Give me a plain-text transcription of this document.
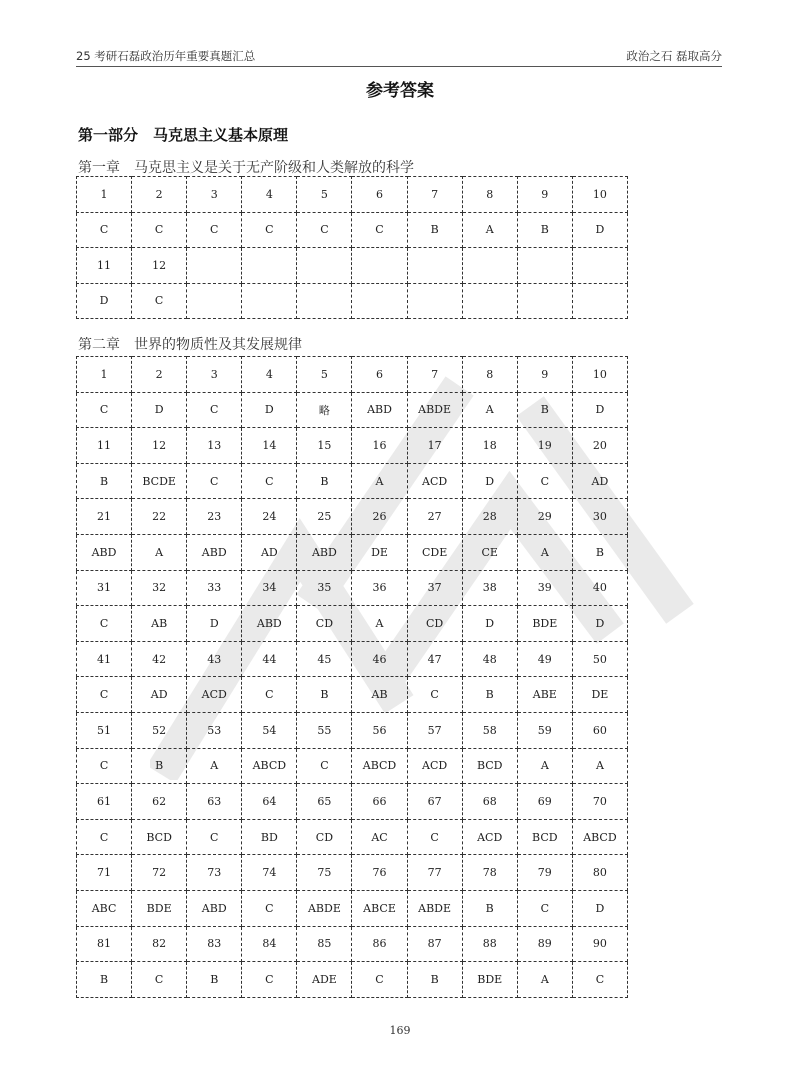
25 考研石磊政治历年重要真题汇总	政治之石 磊取高分
参考答案
第一部分　马克思主义基本原理
第一章　马克思主义是关于无产阶级和人类解放的科学
1	2	3	4	5	6	7	8	9	10
C	C	C	C	C	C	B	A	B	D
11	12								
D	C								
第二章　世界的物质性及其发展规律
1	2	3	4	5	6	7	8	9	10
C	D	C	D	略	ABD	ABDE	A	B	D
11	12	13	14	15	16	17	18	19	20
B	BCDE	C	C	B	A	ACD	D	C	AD
21	22	23	24	25	26	27	28	29	30
ABD	A	ABD	AD	ABD	DE	CDE	CE	A	B
31	32	33	34	35	36	37	38	39	40
C	AB	D	ABD	CD	A	CD	D	BDE	D
41	42	43	44	45	46	47	48	49	50
C	AD	ACD	C	B	AB	C	B	ABE	DE
51	52	53	54	55	56	57	58	59	60
C	B	A	ABCD	C	ABCD	ACD	BCD	A	A
61	62	63	64	65	66	67	68	69	70
C	BCD	C	BD	CD	AC	C	ACD	BCD	ABCD
71	72	73	74	75	76	77	78	79	80
ABC	BDE	ABD	C	ABDE	ABCE	ABDE	B	C	D
81	82	83	84	85	86	87	88	89	90
B	C	B	C	ADE	C	B	BDE	A	C
169
